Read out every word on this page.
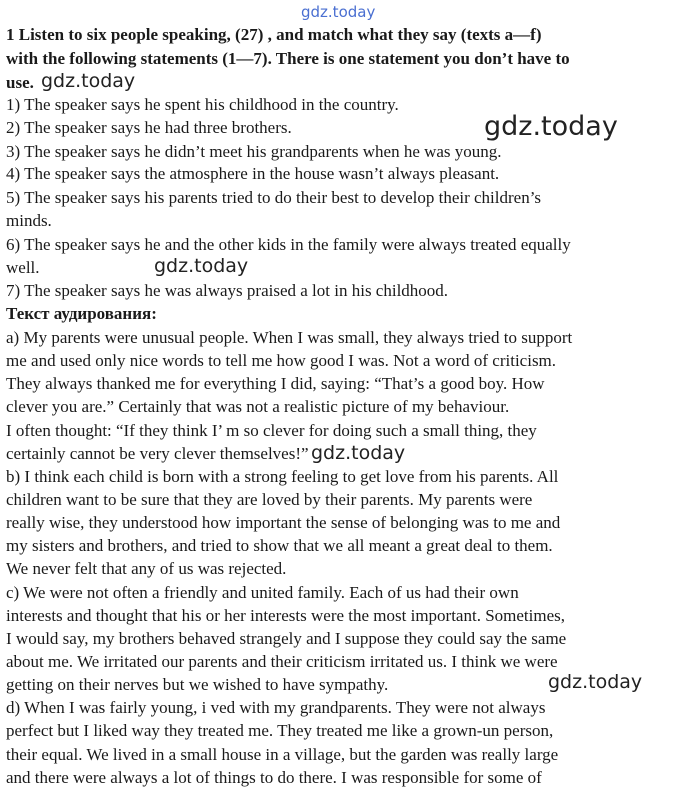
1 Listen to six people speaking, (27) , and match what they say (texts a—f)
with the following statements (1—7). There is one statement you don’t have to
use.
1) The speaker says he spent his childhood in the country.
2) The speaker says he had three brothers.
3) The speaker says he didn’t meet his grandparents when he was young.
4) The speaker says the atmosphere in the house wasn’t always pleasant.
5) The speaker says his parents tried to do their best to develop their children’s
minds.
6) The speaker says he and the other kids in the family were always treated equally
well.
7) The speaker says he was always praised a lot in his childhood.
Текст аудирования:
a) My parents were unusual people. When I was small, they always tried to support
me and used only nice words to tell me how good I was. Not a word of criticism.
They always thanked me for everything I did, saying: “That’s a good boy. How
clever you are.” Certainly that was not a realistic picture of my behaviour.
I often thought: “If they think I’ m so clever for doing such a small thing, they
certainly cannot be very clever themselves!”
b) I think each child is born with a strong feeling to get love from his parents. All
children want to be sure that they are loved by their parents. My parents were
really wise, they understood how important the sense of belonging was to me and
my sisters and brothers, and tried to show that we all meant a great deal to them.
We never felt that any of us was rejected.
c) We were not often a friendly and united family. Each of us had their own
interests and thought that his or her interests were the most important. Sometimes,
I would say, my brothers behaved strangely and I suppose they could say the same
about me. We irritated our parents and their criticism irritated us. I think we were
getting on their nerves but we wished to have sympathy.
d) When I was fairly young, i ved with my grandparents. They were not always
perfect but I liked way they treated me. They treated me like a grown-un person,
their equal. We lived in a small house in a village, but the garden was really large
and there were always a lot of things to do there. I was responsible for some of
gdz.today
gdz.today
gdz.today
gdz.today
gdz.today
gdz.today
